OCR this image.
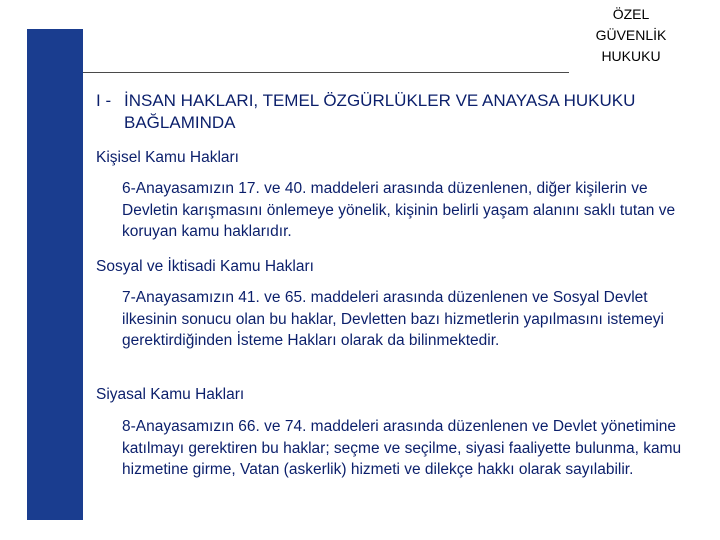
ÖZEL
GÜVENLİK
HUKUKU
I - İNSAN HAKLARI, TEMEL ÖZGÜRLÜKLER VE ANAYASA HUKUKU BAĞLAMINDA
Kişisel Kamu Hakları
6-Anayasamızın 17. ve 40. maddeleri arasında düzenlenen, diğer kişilerin ve Devletin karışmasını önlemeye yönelik, kişinin belirli yaşam alanını saklı tutan ve koruyan kamu haklarıdır.
Sosyal ve İktisadi Kamu Hakları
7-Anayasamızın 41. ve 65. maddeleri arasında düzenlenen ve Sosyal Devlet ilkesinin sonucu olan bu haklar, Devletten bazı hizmetlerin yapılmasını istemeyi gerektirdiğinden İsteme Hakları olarak da bilinmektedir.
Siyasal Kamu Hakları
8-Anayasamızın 66. ve 74. maddeleri arasında düzenlenen ve Devlet yönetimine katılmayı gerektiren bu haklar; seçme ve seçilme, siyasi faaliyette bulunma, kamu hizmetine girme, Vatan (askerlik) hizmeti ve dilekçe hakkı olarak sayılabilir.
